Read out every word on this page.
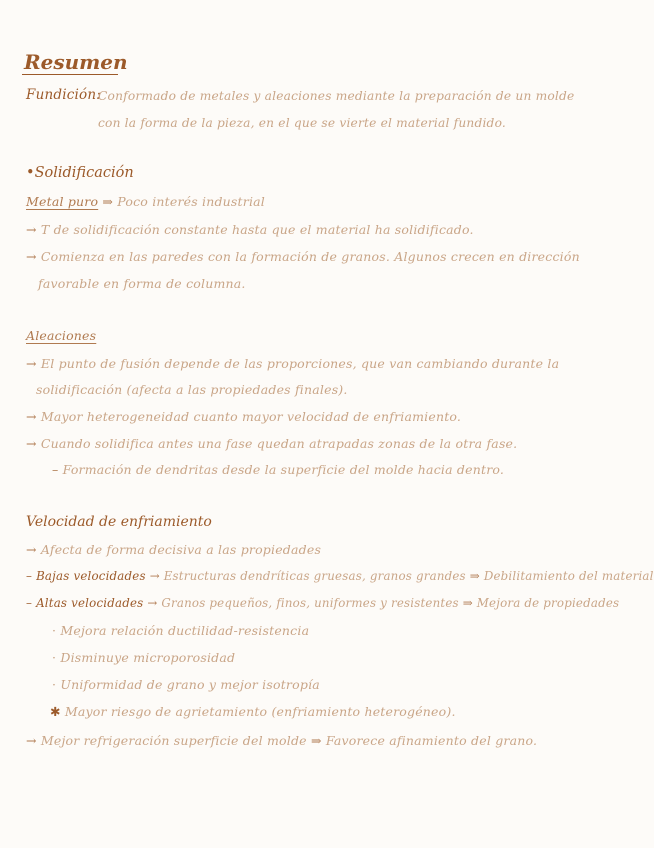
Resumen
Fundición:
Conformado de metales y aleaciones mediante la preparación de un molde
con la forma de la pieza, en el que se vierte el material fundido.
•Solidificación
Metal puro ⇒ Poco interés industrial
→ T de solidificación constante hasta que el material ha solidificado.
→ Comienza en las paredes con la formación de granos. Algunos crecen en dirección
favorable en forma de columna.
Aleaciones
→ El punto de fusión depende de las proporciones, que van cambiando durante la
solidificación (afecta a las propiedades finales).
→ Mayor heterogeneidad cuanto mayor velocidad de enfriamiento.
→ Cuando solidifica antes una fase quedan atrapadas zonas de la otra fase.
– Formación de dendritas desde la superficie del molde hacia dentro.
Velocidad de enfriamiento
→ Afecta de forma decisiva a las propiedades
– Bajas velocidades → Estructuras dendríticas gruesas, granos grandes ⇒ Debilitamiento del material
– Altas velocidades → Granos pequeños, finos, uniformes y resistentes ⇒ Mejora de propiedades
· Mejora relación ductilidad-resistencia
· Disminuye microporosidad
· Uniformidad de grano y mejor isotropía
✱ Mayor riesgo de agrietamiento (enfriamiento heterogéneo).
→ Mejor refrigeración superficie del molde ⇒ Favorece afinamiento del grano.
